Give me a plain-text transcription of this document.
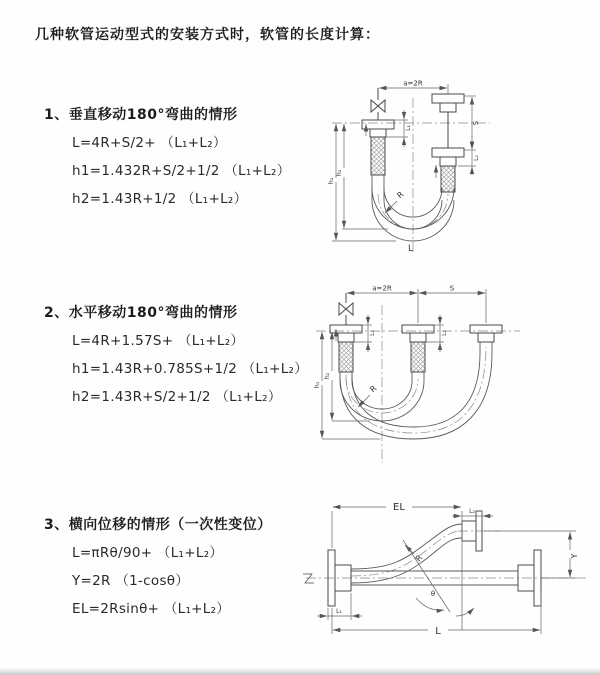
几种软管运动型式的安装方式时，软管的长度计算：
1、垂直移动180°弯曲的情形
L=4R+S/2+ （L₁+L₂）
h1=1.432R+S/2+1/2 （L₁+L₂）
h2=1.43R+1/2 （L₁+L₂）
2、水平移动180°弯曲的情形
L=4R+1.57S+ （L₁+L₂）
h1=1.43R+0.785S+1/2 （L₁+L₂）
h2=1.43R+S/2+1/2 （L₁+L₂）
3、横向位移的情形（一次性变位）
L=πRθ/90+ （L₁+L₂）
Y=2R （1-cosθ）
EL=2Rsinθ+ （L₁+L₂）
a=2R
S
L₂
L₁
h₁
h₂
R
L
a=2R	S
h₁
h₂
L₁	L₂
R
EL	L₂
Y
L
L₁
R
θ
